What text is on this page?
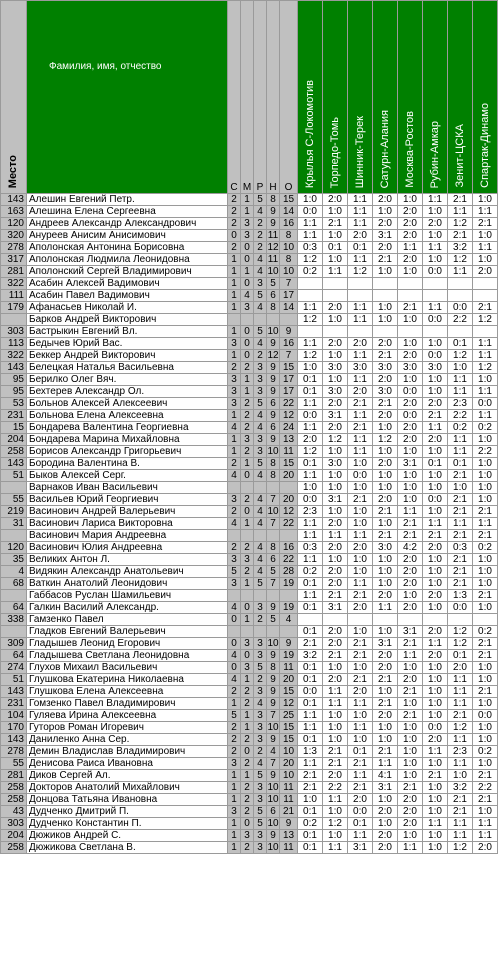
Место	Фамилия, имя, отчество	С	М	Р	Н	О	Крылья С-Локомотив	Торпедо-Томь	Шинник-Терек	Сатурн-Алания	Москва-Ростов	Рубин-Амкар	Зенит-ЦСКА	Спартак-Динамо
143	Алешин Евгений Петр.	2	1	5	8	15	1:0	2:0	1:1	2:0	1:0	1:1	2:1	1:0
163	Алешина Елена Сергеевна	2	1	4	9	14	0:0	1:0	1:1	1:0	2:0	1:0	1:1	1:1
120	Андреев Александр Александрович	2	3	2	9	16	1:1	2:1	1:1	2:0	2:0	2:0	1:2	2:1
320	Ануреев Анисим Анисимович	0	3	2	11	8	1:1	1:0	2:0	3:1	2:0	1:0	2:1	1:0
278	Аполонская Антонина Борисовна	2	0	2	12	10	0:3	0:1	0:1	2:0	1:1	1:1	3:2	1:1
317	Аполонская Людмила Леонидовна	1	0	4	11	8	1:2	1:0	1:1	2:1	2:0	1:0	1:2	1:0
281	Аполонский Сергей Владимирович	1	1	4	10	10	0:2	1:1	1:2	1:0	1:0	0:0	1:1	2:0
322	Асабин Алексей Вадимович	1	0	3	5	7								
111	Асабин Павел Вадимович	1	4	5	6	17								
179	Афанасьев Николай И.	1	3	4	8	14	1:1	2:0	1:1	1:0	2:1	1:1	0:0	2:1
	Барков Андрей Викторович						1:2	1:0	1:1	1:0	1:0	0:0	2:2	1:2
303	Бастрыкин Евгений Вл.	1	0	5	10	9								
113	Бедычев Юрий Вас.	3	0	4	9	16	1:1	2:0	2:0	2:0	1:0	1:0	0:1	1:1
322	Беккер Андрей Викторович	1	0	2	12	7	1:2	1:0	1:1	2:1	2:0	0:0	1:2	1:1
143	Белецкая Наталья Васильевна	2	2	3	9	15	1:0	3:0	3:0	3:0	3:0	3:0	1:0	1:2
95	Берилко Олег Вяч.	3	1	3	9	17	0:1	1:0	1:1	2:0	1:0	1:0	1:1	1:0
95	Бехтерев Александр Ол.	3	1	3	9	17	0:1	3:0	2:0	3:0	0:0	1:0	1:1	1:1
53	Больнов Алексей Алексеевич	3	2	5	6	22	1:1	2:0	2:1	2:1	2:0	2:0	2:3	0:0
231	Больнова Елена Алексеевна	1	2	4	9	12	0:0	3:1	1:1	2:0	0:0	2:1	2:2	1:1
15	Бондарева Валентина Георгиевна	4	2	4	6	24	1:1	2:0	2:1	1:0	2:0	1:1	0:2	0:2
204	Бондарева Марина Михайловна	1	3	3	9	13	2:0	1:2	1:1	1:2	2:0	2:0	1:1	1:0
258	Борисов Александр Григорьевич	1	2	3	10	11	1:2	1:0	1:1	1:0	1:0	1:0	1:1	2:2
143	Бородина Валентина В.	2	1	5	8	15	0:1	3:0	1:0	2:0	3:1	0:1	0:1	1:0
51	Быков Алексей Серг.	4	0	4	8	20	1:1	1:0	0:0	1:0	1:0	1:0	2:1	1:0
	Варнаков Иван Васильевич						1:0	1:0	1:0	1:0	1:0	1:0	1:0	1:0
55	Васильев Юрий Георгиевич	3	2	4	7	20	0:0	3:1	2:1	2:0	1:0	0:0	2:1	1:0
219	Васинович Андрей Валерьевич	2	0	4	10	12	2:3	1:0	1:0	2:1	1:1	1:0	2:1	2:1
31	Васинович Лариса Викторовна	4	1	4	7	22	1:1	2:0	1:0	1:0	2:1	1:1	1:1	1:1
	Васинович Мария Андреевна						1:1	1:1	1:1	2:1	2:1	2:1	2:1	2:1
120	Васинович Юлия Андреевна	2	2	4	8	16	0:3	2:0	2:0	3:0	4:2	2:0	0:3	0:2
35	Великих Антон Л.	3	3	4	6	22	1:1	1:0	1:0	1:0	2:0	1:0	2:1	1:0
4	Видякин Александр Анатольевич	5	2	4	5	28	0:2	2:0	1:0	1:0	2:0	1:0	2:1	1:0
68	Ваткин Анатолий Леонидович	3	1	5	7	19	0:1	2:0	1:1	1:0	2:0	1:0	2:1	1:0
	Габбасов Руслан Шамильевич						1:1	2:1	2:1	2:0	1:0	2:0	1:3	2:1
64	Галкин Василий Александр.	4	0	3	9	19	0:1	3:1	2:0	1:1	2:0	1:0	0:0	1:0
338	Гамзенко Павел	0	1	2	5	4								
	Гладков Евгений Валерьевич						0:1	2:0	1:0	1:0	3:1	2:0	1:2	0:2
309	Гладышев Леонид Егорович	0	3	3	10	9	2:1	2:0	2:1	3:1	2:1	1:1	1:2	2:1
64	Гладышева Светлана Леонидовна	4	0	3	9	19	3:2	2:1	2:1	2:0	1:1	2:0	0:1	2:1
274	Глухов Михаил Васильевич	0	3	5	8	11	0:1	1:0	1:0	2:0	1:0	1:0	2:0	1:0
51	Глушкова Екатерина Николаевна	4	1	2	9	20	0:1	2:0	2:1	2:1	2:0	1:0	1:1	1:0
143	Глушкова Елена Алексеевна	2	2	3	9	15	0:0	1:1	2:0	1:0	2:1	1:0	1:1	2:1
231	Гомзенко Павел Владимирович	1	2	4	9	12	0:1	1:1	1:1	2:1	1:0	1:0	1:1	1:0
104	Гуляева Ирина Алексеевна	5	1	3	7	25	1:1	1:0	1:0	2:0	2:1	1:0	2:1	0:0
170	Гуторов Роман Игоревич	2	1	3	10	15	1:1	1:0	1:1	1:0	1:0	0:0	1:2	1:0
143	Даниленко Анна Сер.	2	2	3	9	15	0:1	1:0	1:0	1:0	1:0	2:0	1:1	1:0
278	Демин Владислав Владимирович	2	0	2	4	10	1:3	2:1	0:1	2:1	1:0	1:1	2:3	0:2
55	Денисова Раиса Ивановна	3	2	4	7	20	1:1	2:1	2:1	1:1	1:0	1:0	1:1	1:0
281	Диков Сергей Ал.	1	1	5	9	10	2:1	2:0	1:1	4:1	1:0	2:1	1:0	2:1
258	Докторов Анатолий Михайлович	1	2	3	10	11	2:1	2:2	2:1	3:1	2:1	1:0	3:2	2:2
258	Донцова Татьяна Ивановна	1	2	3	10	11	1:0	1:1	2:0	1:0	2:0	1:0	2:1	2:1
43	Дудченко Дмитрий П.	3	2	5	6	21	0:1	1:0	0:0	2:0	2:0	1:0	2:1	1:0
303	Дудченко Константин П.	1	0	5	10	9	0:2	1:2	0:1	1:0	2:0	1:1	1:1	1:1
204	Дюжиков Андрей С.	1	3	3	9	13	0:1	1:0	1:1	2:0	1:0	1:0	1:1	1:1
258	Дюжикова Светлана В.	1	2	3	10	11	0:1	1:1	3:1	2:0	1:1	1:0	1:2	2:0
